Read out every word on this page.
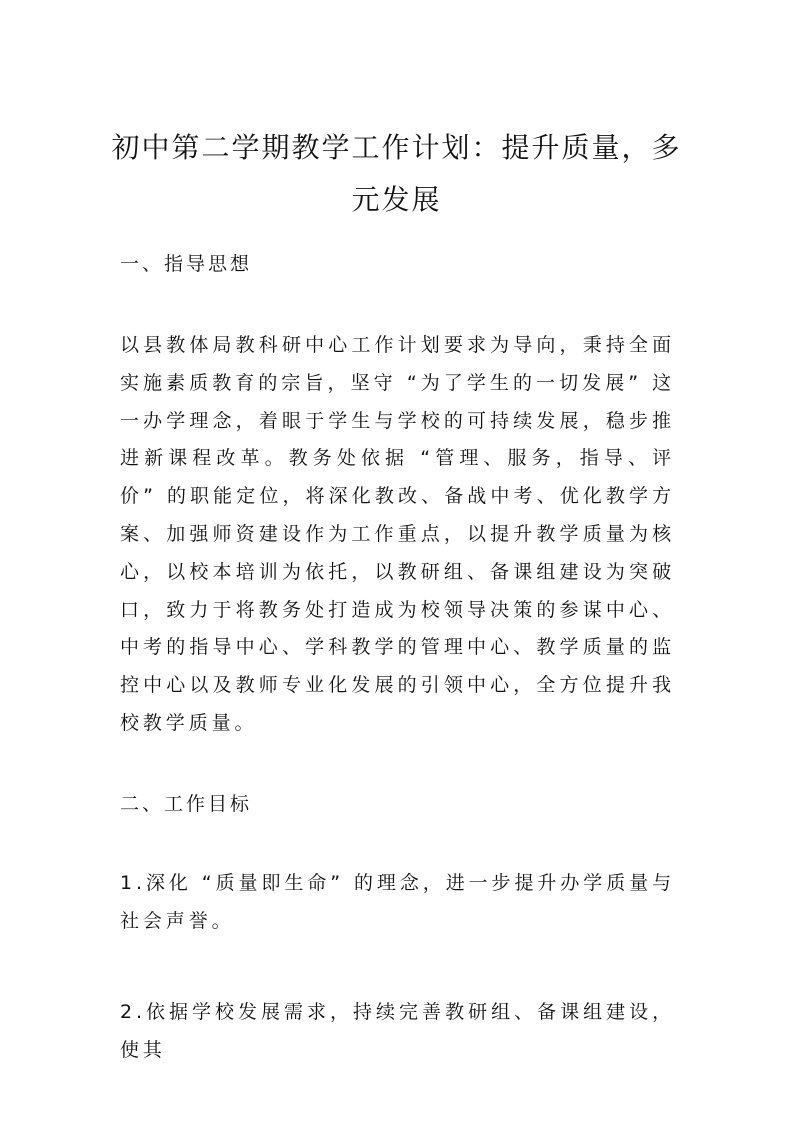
初中第二学期教学工作计划：提升质量，多元发展
一、指导思想

以县教体局教科研中心工作计划要求为导向，秉持全面实施素质教育的宗旨，坚守 “为了学生的一切发展” 这一办学理念，着眼于学生与学校的可持续发展，稳步推进新课程改革。教务处依据 “管理、服务，指导、评价” 的职能定位，将深化教改、备战中考、优化教学方案、加强师资建设作为工作重点，以提升教学质量为核心，以校本培训为依托，以教研组、备课组建设为突破口，致力于将教务处打造成为校领导决策的参谋中心、中考的指导中心、学科教学的管理中心、教学质量的监控中心以及教师专业化发展的引领中心，全方位提升我校教学质量。

二、工作目标

1.深化 “质量即生命” 的理念，进一步提升办学质量与社会声誉。

2.依据学校发展需求，持续完善教研组、备课组建设，使其
